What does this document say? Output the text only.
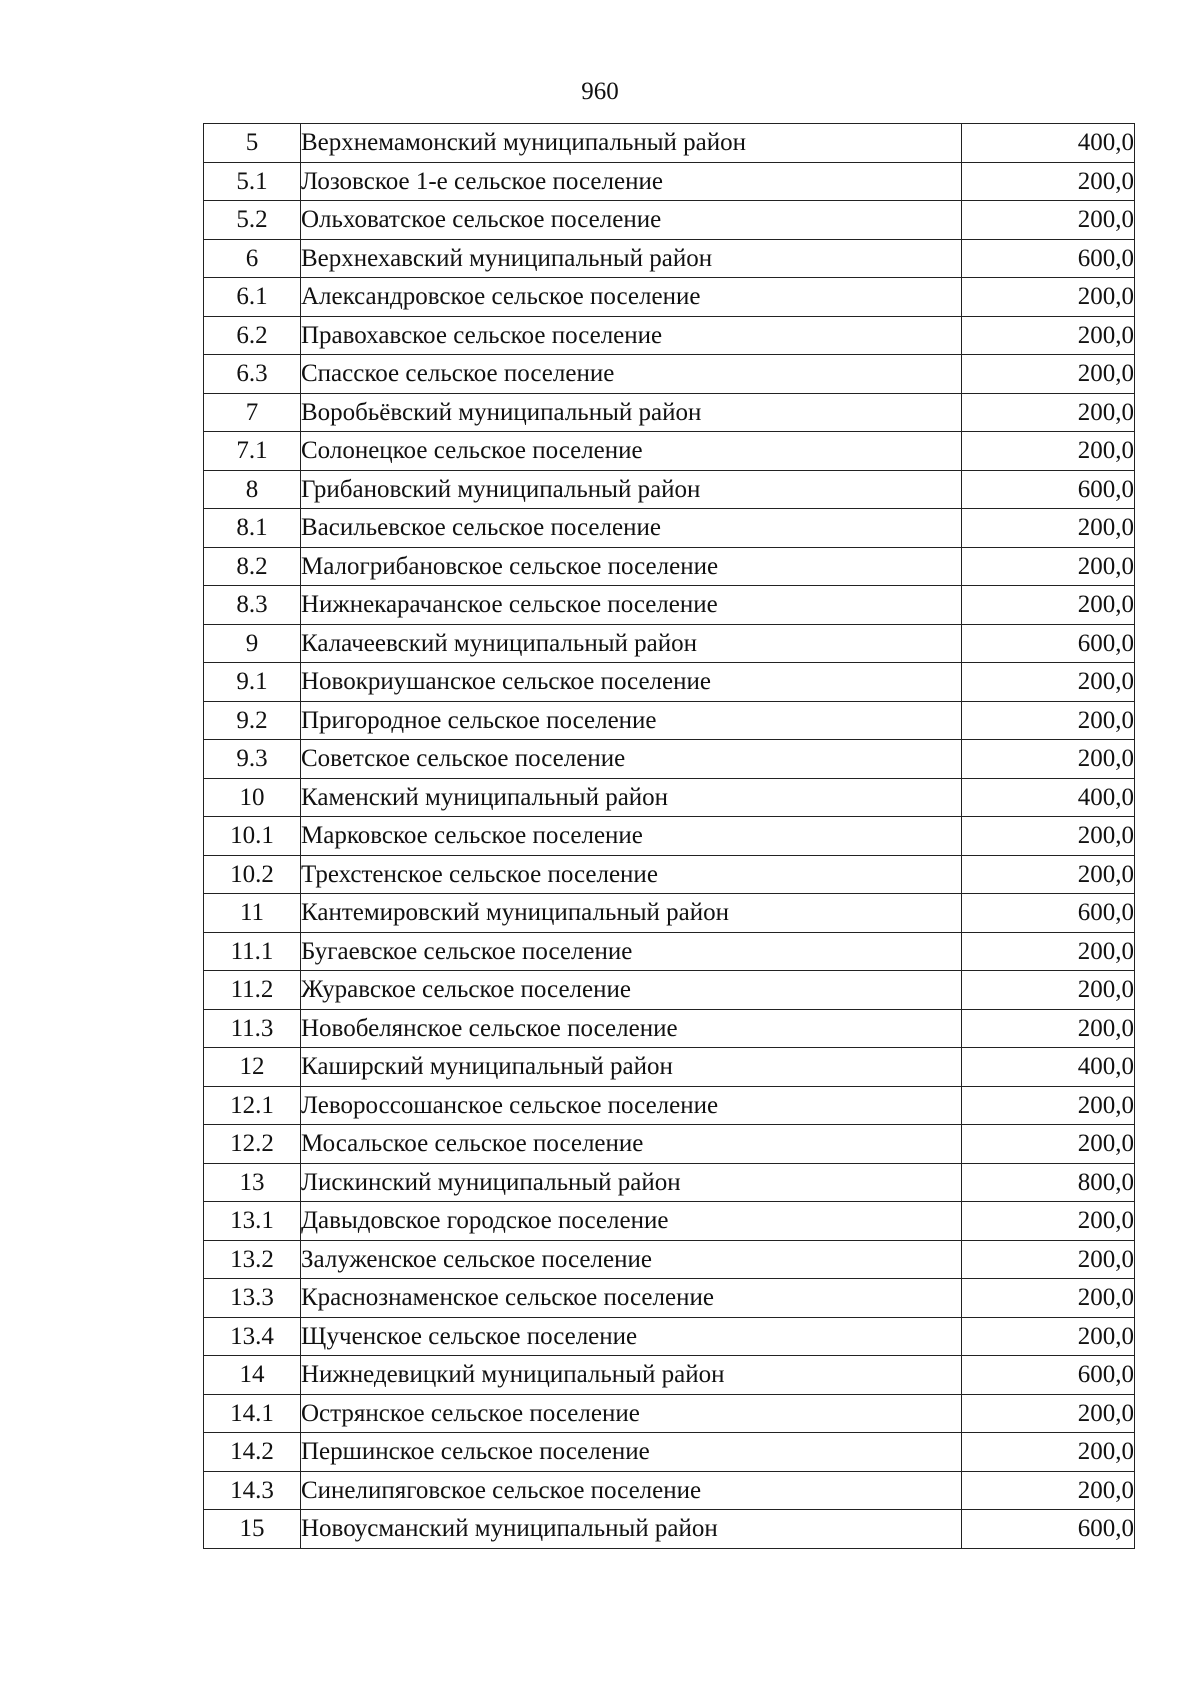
960
5	Верхнемамонский муниципальный район	400,0
5.1	Лозовское 1-е сельское поселение	200,0
5.2	Ольховатское сельское поселение	200,0
6	Верхнехавский муниципальный район	600,0
6.1	Александровское сельское поселение	200,0
6.2	Правохавское сельское поселение	200,0
6.3	Спасское сельское поселение	200,0
7	Воробьёвский муниципальный район	200,0
7.1	Солонецкое сельское поселение	200,0
8	Грибановский муниципальный район	600,0
8.1	Васильевское сельское поселение	200,0
8.2	Малогрибановское сельское поселение	200,0
8.3	Нижнекарачанское сельское поселение	200,0
9	Калачеевский муниципальный район	600,0
9.1	Новокриушанское сельское поселение	200,0
9.2	Пригородное сельское поселение	200,0
9.3	Советское сельское поселение	200,0
10	Каменский муниципальный район	400,0
10.1	Марковское сельское поселение	200,0
10.2	Трехстенское сельское поселение	200,0
11	Кантемировский муниципальный район	600,0
11.1	Бугаевское сельское поселение	200,0
11.2	Журавское сельское поселение	200,0
11.3	Новобелянское сельское поселение	200,0
12	Каширский муниципальный район	400,0
12.1	Левороссошанское сельское поселение	200,0
12.2	Мосальское сельское поселение	200,0
13	Лискинский муниципальный район	800,0
13.1	Давыдовское городское поселение	200,0
13.2	Залуженское сельское поселение	200,0
13.3	Краснознаменское сельское поселение	200,0
13.4	Щученское сельское поселение	200,0
14	Нижнедевицкий муниципальный район	600,0
14.1	Острянское сельское поселение	200,0
14.2	Першинское сельское поселение	200,0
14.3	Синелипяговское сельское поселение	200,0
15	Новоусманский муниципальный район	600,0
